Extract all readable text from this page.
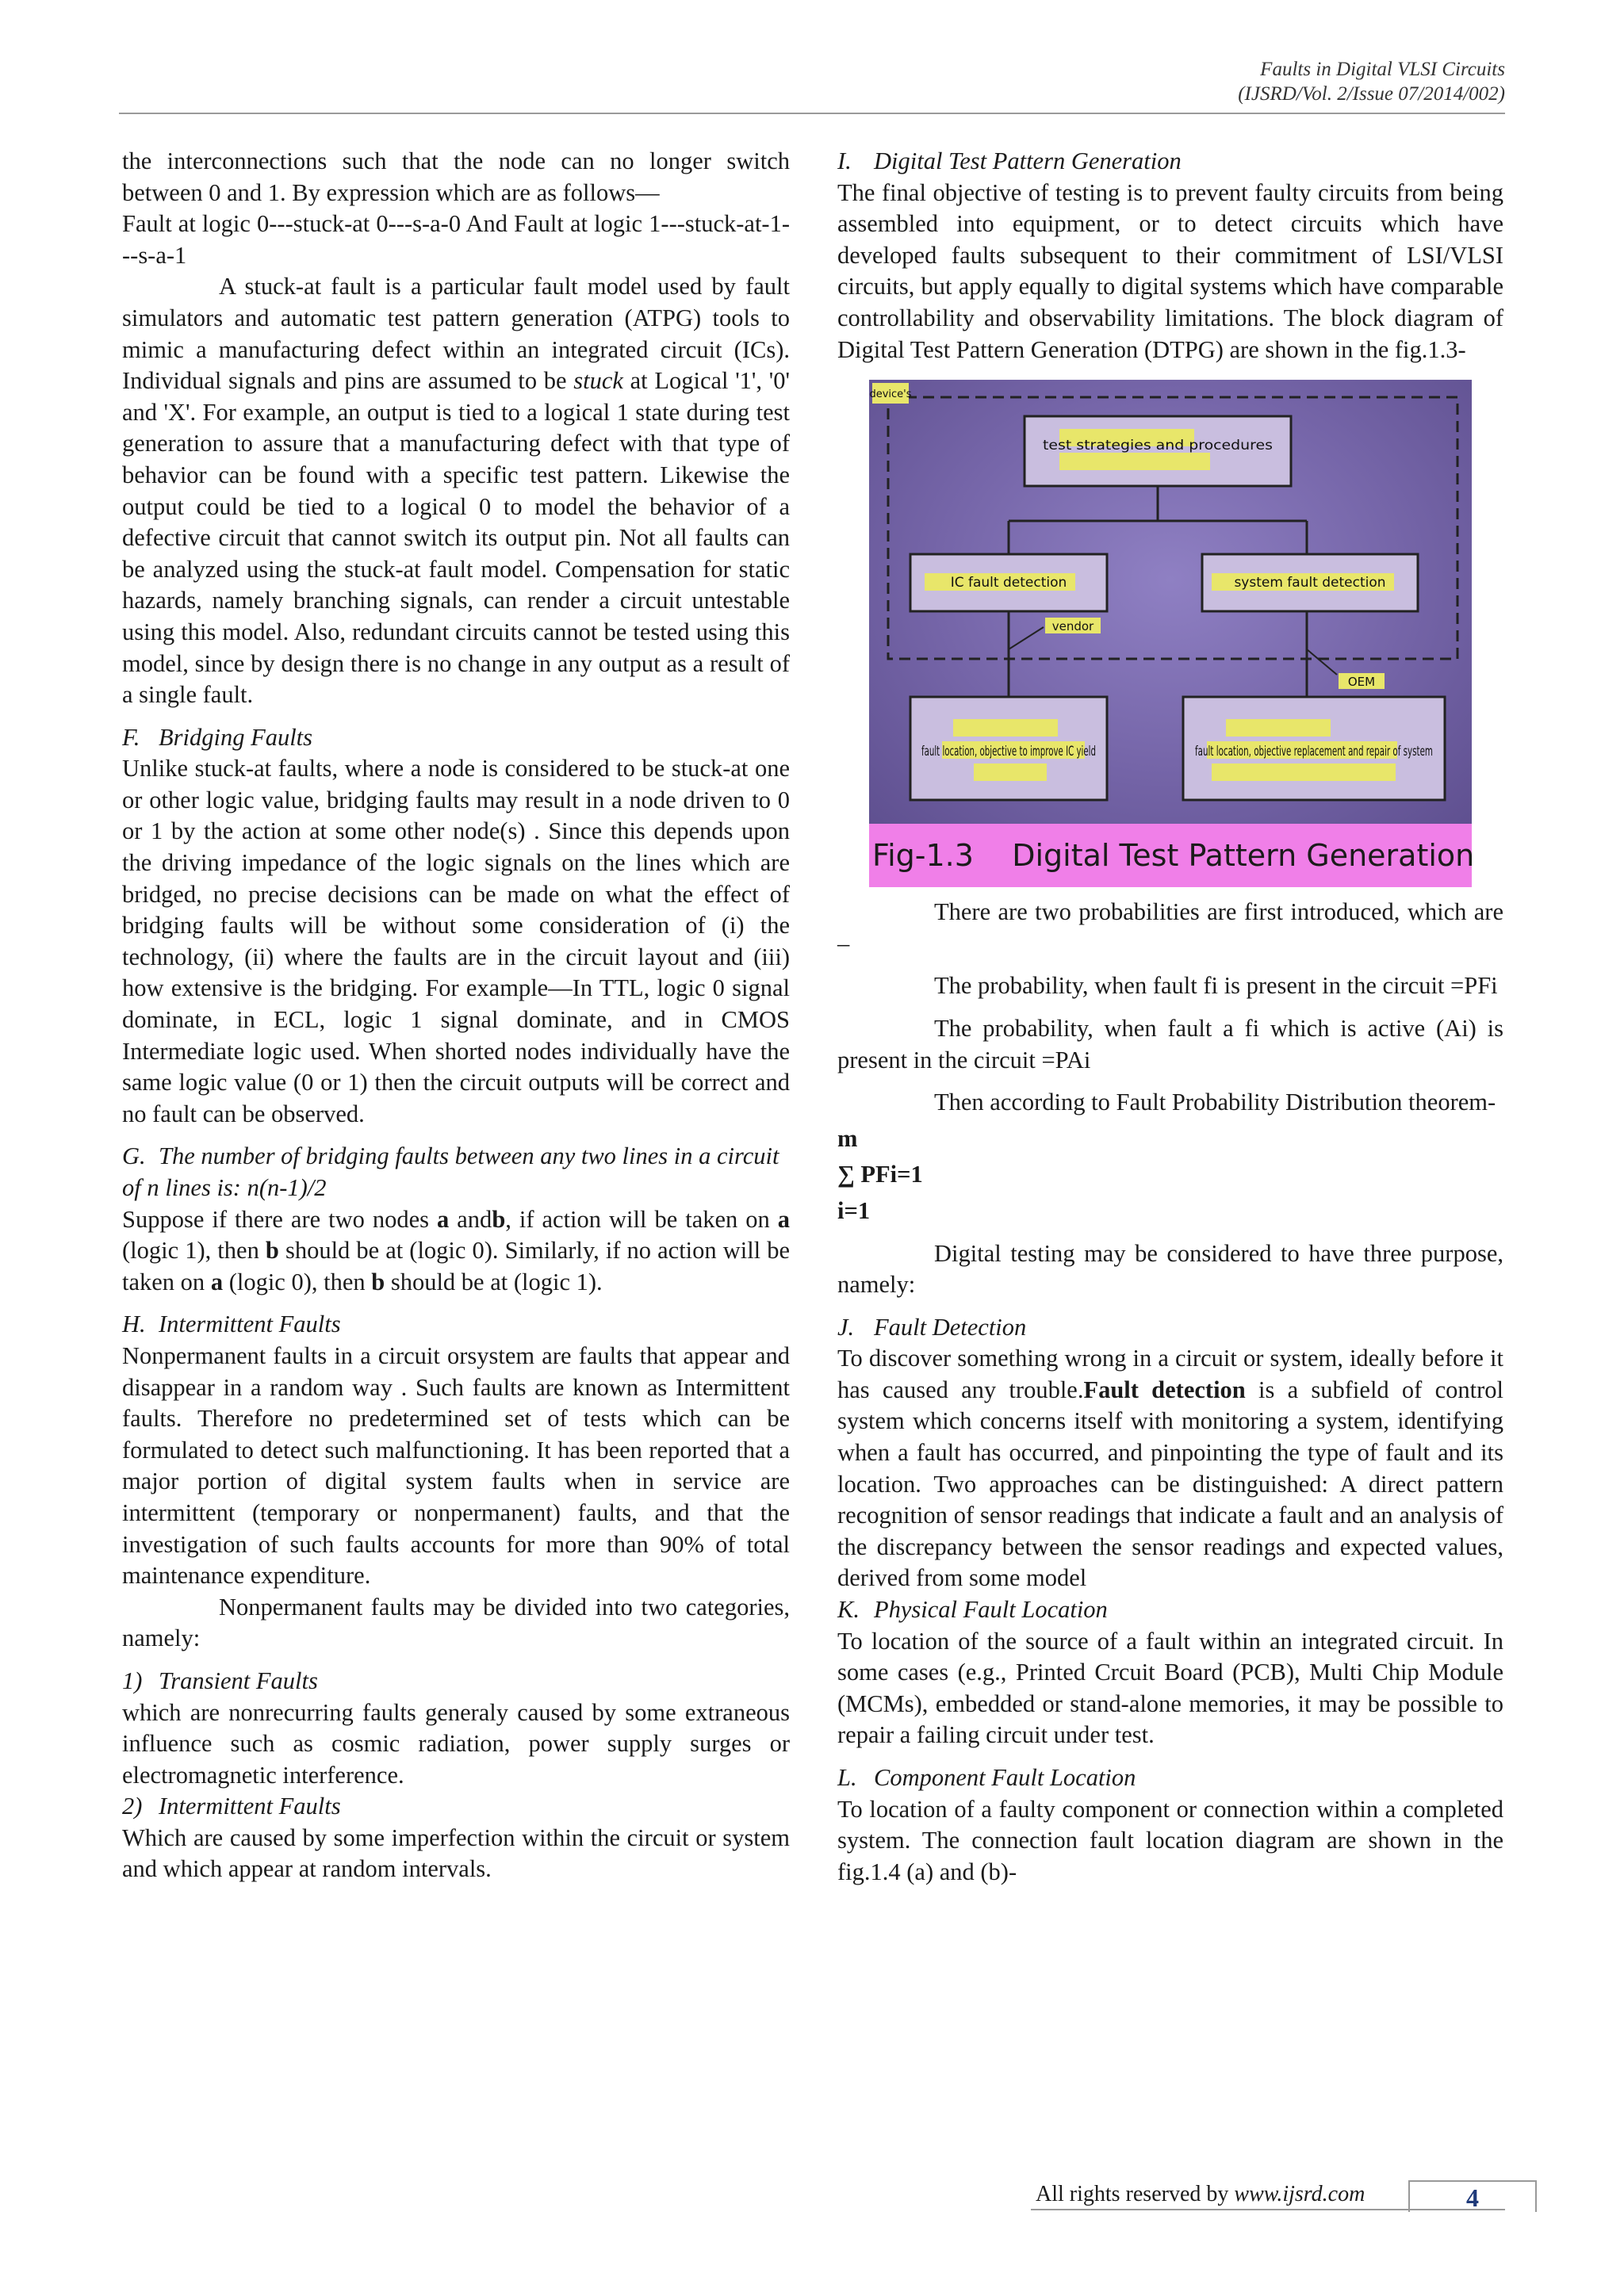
Faults in Digital VLSI Circuits
(IJSRD/Vol. 2/Issue 07/2014/002)

the interconnections such that the node can no longer switch between 0 and 1. By expression which are as follows—

Fault at logic 0---stuck-at 0---s-a-0 And Fault at logic 1---stuck-at-1---s-a-1

A stuck-at fault is a particular fault model used by fault simulators and automatic test pattern generation (ATPG) tools to mimic a manufacturing defect within an integrated circuit (ICs). Individual signals and pins are assumed to be stuck at Logical '1', '0' and 'X'. For example, an output is tied to a logical 1 state during test generation to assure that a manufacturing defect with that type of behavior can be found with a specific test pattern. Likewise the output could be tied to a logical 0 to model the behavior of a defective circuit that cannot switch its output pin. Not all faults can be analyzed using the stuck-at fault model. Compensation for static hazards, namely branching signals, can render a circuit untestable using this model. Also, redundant circuits cannot be tested using this model, since by design there is no change in any output as a result of a single fault.

F. Bridging Faults

Unlike stuck-at faults, where a node is considered to be stuck-at one or other logic value, bridging faults may result in a node driven to 0 or 1 by the action at some other node(s) . Since this depends upon the driving impedance of the logic signals on the lines which are bridged, no precise decisions can be made on what the effect of bridging faults will be without some consideration of (i) the technology, (ii) where the faults are in the circuit layout and (iii) how extensive is the bridging. For example—In TTL, logic 0 signal dominate, in ECL, logic 1 signal dominate, and in CMOS Intermediate logic used. When shorted nodes individually have the same logic value (0 or 1) then the circuit outputs will be correct and no fault can be observed.

G. The number of bridging faults between any two lines in a circuit of n lines is: n(n-1)/2

Suppose if there are two nodes a andb, if action will be taken on a (logic 1), then b should be at (logic 0). Similarly, if no action will be taken on a (logic 0), then b should be at (logic 1).

H. Intermittent Faults

Nonpermanent faults in a circuit orsystem are faults that appear and disappear in a random way . Such faults are known as Intermittent faults. Therefore no predetermined set of tests which can be formulated to detect such malfunctioning. It has been reported that a major portion of digital system faults when in service are intermittent (temporary or nonpermanent) faults, and that the investigation of such faults accounts for more than 90% of total maintenance expenditure.

Nonpermanent faults may be divided into two categories, namely:

1) Transient Faults

which are nonrecurring faults generaly caused by some extraneous influence such as cosmic radiation, power supply surges or electromagnetic interference.

2) Intermittent Faults

Which are caused by some imperfection within the circuit or system and which appear at random intervals.

I. Digital Test Pattern Generation

The final objective of testing is to prevent faulty circuits from being assembled into equipment, or to detect circuits which have developed faults subsequent to their commitment of LSI/VLSI circuits, but apply equally to digital systems which have comparable controllability and observability limitations. The block diagram of Digital Test Pattern Generation (DTPG) are shown in the fig.1.3-

device's
test strategies and procedures
IC fault detection	system fault detection
vendor
OEM
fault location, objective to improve IC yield	fault location, objective replacement and repair of system
Fig-1.3    Digital Test Pattern Generation

There are two probabilities are first introduced, which are –

The probability, when fault fi is present in the circuit =PFi

The probability, when fault a fi which is active (Ai) is present in the circuit =PAi

Then according to Fault Probability Distribution theorem-

m

∑ PFi=1

i=1

Digital testing may be considered to have three purpose, namely:

J. Fault Detection

To discover something wrong in a circuit or system, ideally before it has caused any trouble.Fault detection is a subfield of control system which concerns itself with monitoring a system, identifying when a fault has occurred, and pinpointing the type of fault and its location. Two approaches can be distinguished: A direct pattern recognition of sensor readings that indicate a fault and an analysis of the discrepancy between the sensor readings and expected values, derived from some model

K. Physical Fault Location

To location of the source of a fault within an integrated circuit. In some cases (e.g., Printed Crcuit Board (PCB), Multi Chip Module (MCMs), embedded or stand-alone memories, it may be possible to repair a failing circuit under test.

L. Component Fault Location

To location of a faulty component or connection within a completed system. The connection fault location diagram are shown in the fig.1.4 (a) and (b)-

All rights reserved by www.ijsrd.com	4
